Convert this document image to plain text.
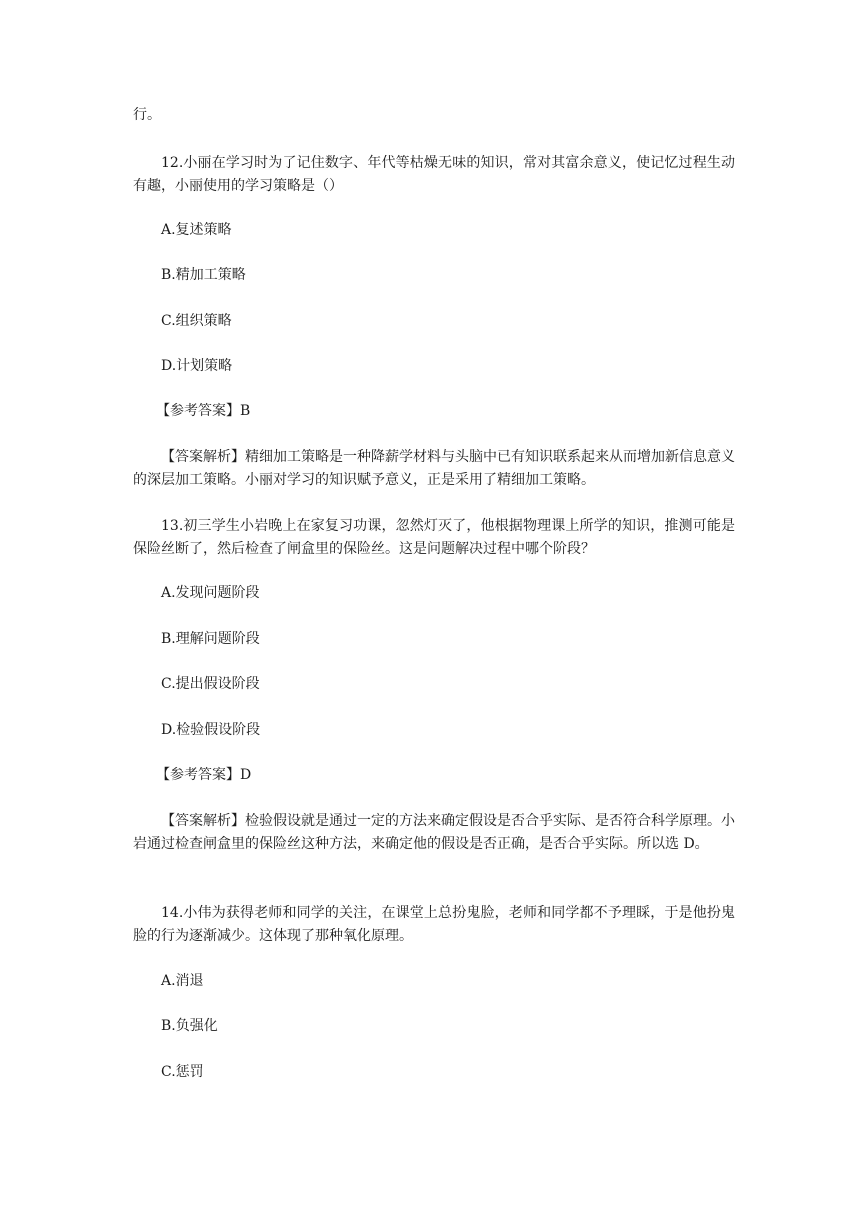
行。
12.小丽在学习时为了记住数字、年代等枯燥无味的知识，常对其富余意义，使记忆过程生动有趣，小丽使用的学习策略是（）
A.复述策略
B.精加工策略
C.组织策略
D.计划策略
【参考答案】B
【答案解析】精细加工策略是一种降薪学材料与头脑中已有知识联系起来从而增加新信息意义的深层加工策略。小丽对学习的知识赋予意义，正是采用了精细加工策略。
13.初三学生小岩晚上在家复习功课，忽然灯灭了，他根据物理课上所学的知识，推测可能是保险丝断了，然后检查了闸盒里的保险丝。这是问题解决过程中哪个阶段？
A.发现问题阶段
B.理解问题阶段
C.提出假设阶段
D.检验假设阶段
【参考答案】D
【答案解析】检验假设就是通过一定的方法来确定假设是否合乎实际、是否符合科学原理。小岩通过检查闸盒里的保险丝这种方法，来确定他的假设是否正确，是否合乎实际。所以选 D。
14.小伟为获得老师和同学的关注，在课堂上总扮鬼脸，老师和同学都不予理睬，于是他扮鬼脸的行为逐渐减少。这体现了那种氧化原理。
A.消退
B.负强化
C.惩罚
